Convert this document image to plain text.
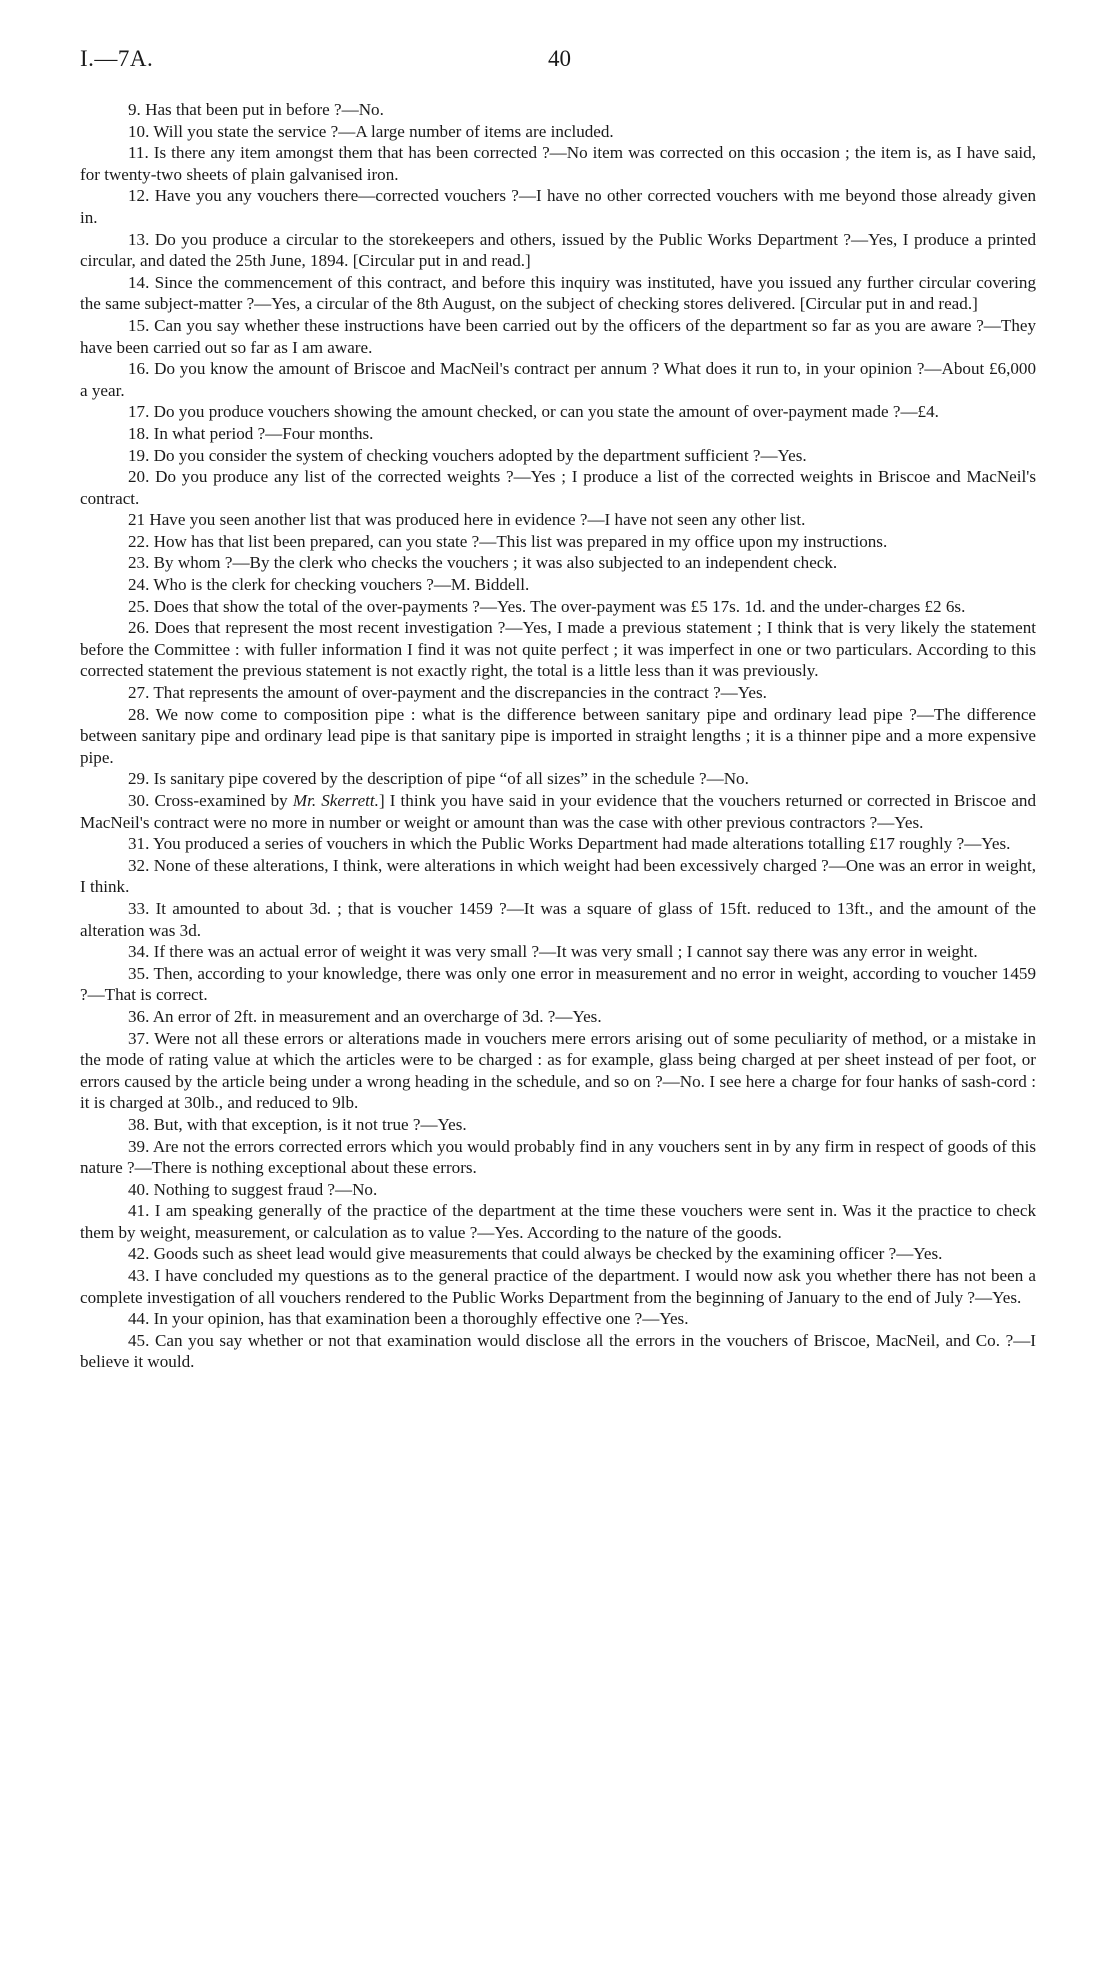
I.—7A.	40

9. Has that been put in before ?—No.

10. Will you state the service ?—A large number of items are included.

11. Is there any item amongst them that has been corrected ?—No item was corrected on this occasion ; the item is, as I have said, for twenty-two sheets of plain galvanised iron.

12. Have you any vouchers there—corrected vouchers ?—I have no other corrected vouchers with me beyond those already given in.

13. Do you produce a circular to the storekeepers and others, issued by the Public Works Department ?—Yes, I produce a printed circular, and dated the 25th June, 1894. [Circular put in and read.]

14. Since the commencement of this contract, and before this inquiry was instituted, have you issued any further circular covering the same subject-matter ?—Yes, a circular of the 8th August, on the subject of checking stores delivered. [Circular put in and read.]

15. Can you say whether these instructions have been carried out by the officers of the department so far as you are aware ?—They have been carried out so far as I am aware.

16. Do you know the amount of Briscoe and MacNeil's contract per annum ? What does it run to, in your opinion ?—About £6,000 a year.

17. Do you produce vouchers showing the amount checked, or can you state the amount of over-payment made ?—£4.

18. In what period ?—Four months.

19. Do you consider the system of checking vouchers adopted by the department sufficient ?—Yes.

20. Do you produce any list of the corrected weights ?—Yes ; I produce a list of the corrected weights in Briscoe and MacNeil's contract.

21 Have you seen another list that was produced here in evidence ?—I have not seen any other list.

22. How has that list been prepared, can you state ?—This list was prepared in my office upon my instructions.

23. By whom ?—By the clerk who checks the vouchers ; it was also subjected to an independent check.

24. Who is the clerk for checking vouchers ?—M. Biddell.

25. Does that show the total of the over-payments ?—Yes. The over-payment was £5 17s. 1d. and the under-charges £2 6s.

26. Does that represent the most recent investigation ?—Yes, I made a previous statement ; I think that is very likely the statement before the Committee : with fuller information I find it was not quite perfect ; it was imperfect in one or two particulars. According to this corrected statement the previous statement is not exactly right, the total is a little less than it was previously.

27. That represents the amount of over-payment and the discrepancies in the contract ?—Yes.

28. We now come to composition pipe : what is the difference between sanitary pipe and ordinary lead pipe ?—The difference between sanitary pipe and ordinary lead pipe is that sanitary pipe is imported in straight lengths ; it is a thinner pipe and a more expensive pipe.

29. Is sanitary pipe covered by the description of pipe “of all sizes” in the schedule ?—No.

30. Cross-examined by Mr. Skerrett.] I think you have said in your evidence that the vouchers returned or corrected in Briscoe and MacNeil's contract were no more in number or weight or amount than was the case with other previous contractors ?—Yes.

31. You produced a series of vouchers in which the Public Works Department had made alterations totalling £17 roughly ?—Yes.

32. None of these alterations, I think, were alterations in which weight had been excessively charged ?—One was an error in weight, I think.

33. It amounted to about 3d. ; that is voucher 1459 ?—It was a square of glass of 15ft. reduced to 13ft., and the amount of the alteration was 3d.

34. If there was an actual error of weight it was very small ?—It was very small ; I cannot say there was any error in weight.

35. Then, according to your knowledge, there was only one error in measurement and no error in weight, according to voucher 1459 ?—That is correct.

36. An error of 2ft. in measurement and an overcharge of 3d. ?—Yes.

37. Were not all these errors or alterations made in vouchers mere errors arising out of some peculiarity of method, or a mistake in the mode of rating value at which the articles were to be charged : as for example, glass being charged at per sheet instead of per foot, or errors caused by the article being under a wrong heading in the schedule, and so on ?—No. I see here a charge for four hanks of sash-cord : it is charged at 30lb., and reduced to 9lb.

38. But, with that exception, is it not true ?—Yes.

39. Are not the errors corrected errors which you would probably find in any vouchers sent in by any firm in respect of goods of this nature ?—There is nothing exceptional about these errors.

40. Nothing to suggest fraud ?—No.

41. I am speaking generally of the practice of the department at the time these vouchers were sent in. Was it the practice to check them by weight, measurement, or calculation as to value ?—Yes. According to the nature of the goods.

42. Goods such as sheet lead would give measurements that could always be checked by the examining officer ?—Yes.

43. I have concluded my questions as to the general practice of the department. I would now ask you whether there has not been a complete investigation of all vouchers rendered to the Public Works Department from the beginning of January to the end of July ?—Yes.

44. In your opinion, has that examination been a thoroughly effective one ?—Yes.

45. Can you say whether or not that examination would disclose all the errors in the vouchers of Briscoe, MacNeil, and Co. ?—I believe it would.
